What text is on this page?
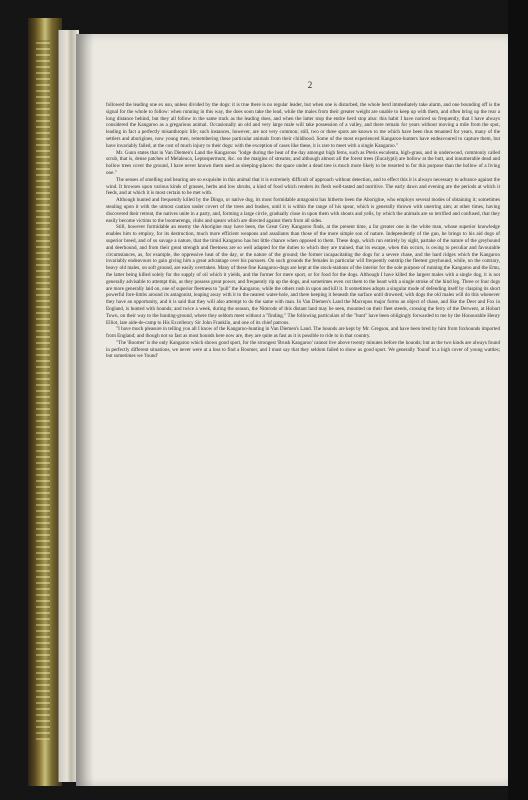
2

followed the leading one ex usu, unless divided by the dogs: it is true there is no regular leader, but when one is disturbed, the whole herd immediately take alarm, and one bounding off is the signal for the whole to follow: when running in this way, the does soon take the lead, while the males from their greater weight are unable to keep up with them, and often bring up the rear a long distance behind, but they all follow in the same track as the leading does, and when the latter stop the entire herd stop also: this habit I have noticed so frequently, that I have always considered the Kangaroo as a gregarious animal. Occasionally an old and very large male will take possession of a valley, and there remain for years without moving a mile from the spot, leading in fact a perfectly misanthropic life; such instances, however, are not very common; still, two or three spots are known to me which have been thus tenanted for years, many of the settlers and aborigines, now young men, remembering these particular animals from their childhood. Some of the most experienced Kangaroo-hunters have endeavoured to capture them, but have invariably failed, at the cost of much injury to their dogs: with the exception of cases like these, it is rare to meet with a single Kangaroo."

Mr. Gunn states that in Van Diemen's Land the Kangaroos "lodge during the heat of the day amongst high ferns, such as Pteris esculenta, high-grass, and in underwood, commonly called scrub, that is, dense patches of Melaleuca, Leptospermum, &c. on the margins of streams; and although almost all the forest trees (Eucalypti) are hollow at the butt, and innumerable dead and hollow trees cover the ground, I have never known them used as sleeping-places: the space under a dead tree is much more likely to be resorted to for this purpose than the hollow of a living one."

The senses of smelling and hearing are so exquisite in this animal that it is extremely difficult of approach without detection, and to effect this it is always necessary to advance against the wind. It browses upon various kinds of grasses, herbs and low shrubs, a kind of food which renders its flesh well-tasted and nutritive. The early dawn and evening are the periods at which it feeds, and at which it is most certain to be met with.

Although hunted and frequently killed by the Dingo, or native dog, its most formidable antagonist has hitherto been the Aborigine, who employs several modes of obtaining it; sometimes stealing upon it with the utmost caution under covert of the trees and bushes, until it is within the range of his spear, which is generally thrown with unerring aim; at other times, having discovered their retreat, the natives unite in a party, and, forming a large circle, gradually close in upon them with shouts and yells, by which the animals are so terrified and confused, that they easily become victims to the boomerengs, clubs and spears which are directed against them from all sides.

Still, however formidable an enemy the Aborigine may have been, the Great Grey Kangaroo finds, at the present time, a far greater one in the white man, whose superior knowledge enables him to employ, for its destruction, much more efficient weapons and assailants than those of the more simple son of nature. Independently of the gun, he brings to his aid dogs of superior breed, and of so savage a nature, that the timid Kangaroo has but little chance when opposed to them. These dogs, which run entirely by sight, partake of the nature of the greyhound and deerhound, and from their great strength and fleetness are so well adapted for the duties to which they are trained, that its escape, when this occurs, is owing to peculiar and favourable circumstances, as, for example, the oppressive heat of the day, or the nature of the ground; the former incapacitating the dogs for a severe chase, and the hard ridges which the Kangaroo invariably endeavours to gain giving him a great advantage over his pursuers. On such grounds the females in particular will frequently outstrip the fleetest greyhound, while, on the contrary, heavy old males, on soft ground, are easily overtaken. Many of these fine Kangaroo-dogs are kept at the stock-stations of the interior for the sole purpose of running the Kangaroo and the Emu, the latter being killed solely for the supply of oil which it yields, and the former for mere sport, or for food for the dogs. Although I have killed the largest males with a single dog, it is not generally advisable to attempt this, as they possess great power, and frequently rip up the dogs, and sometimes even cut them to the heart with a single stroke of the hind leg. Three or four dogs are more generally laid on, one of superior fleetness to "pull" the Kangaroo, while the others rush in upon and kill it. It sometimes adopts a singular mode of defending itself by clasping its short powerful fore-limbs around its antagonist, leaping away with it to the nearest water-hole, and there keeping it beneath the surface until drowned; with dogs the old males will do this whenever they have an opportunity, and it is said that they will also attempt to do the same with man. In Van Diemen's Land the Macropus major forms an object of chase, and like the Deer and Fox in England, is hunted with hounds; and twice a week, during the season, the Nimrods of this distant land may be seen, mounted on their fleet steeds, crossing the ferry of the Derwent, at Hobart Town, on their way to the hunting-ground, where they seldom meet without a "finding." The following particulars of the "hunt" have been obligingly forwarded to me by the Honourable Henry Elliot, late aide-de-camp to His Excellency Sir John Franklin, and one of its chief patrons.

"I have much pleasure in telling you all I know of the Kangaroo-hunting in Van Diemen's Land. The hounds are kept by Mr. Gregson, and have been bred by him from foxhounds imported from England; and though not so fast as most hounds here now are, they are quite as fast as it is possible to ride to in that country.

"The 'Boomer' is the only Kangaroo which shows good sport, for the strongest 'Brush Kangaroo' cannot live above twenty minutes before the hounds; but as the two kinds are always found in perfectly different situations, we never were at a loss to find a Boomer, and I must say that they seldom failed to show us good sport. We generally 'found' in a high cover of young wattles; but sometimes we 'found'
